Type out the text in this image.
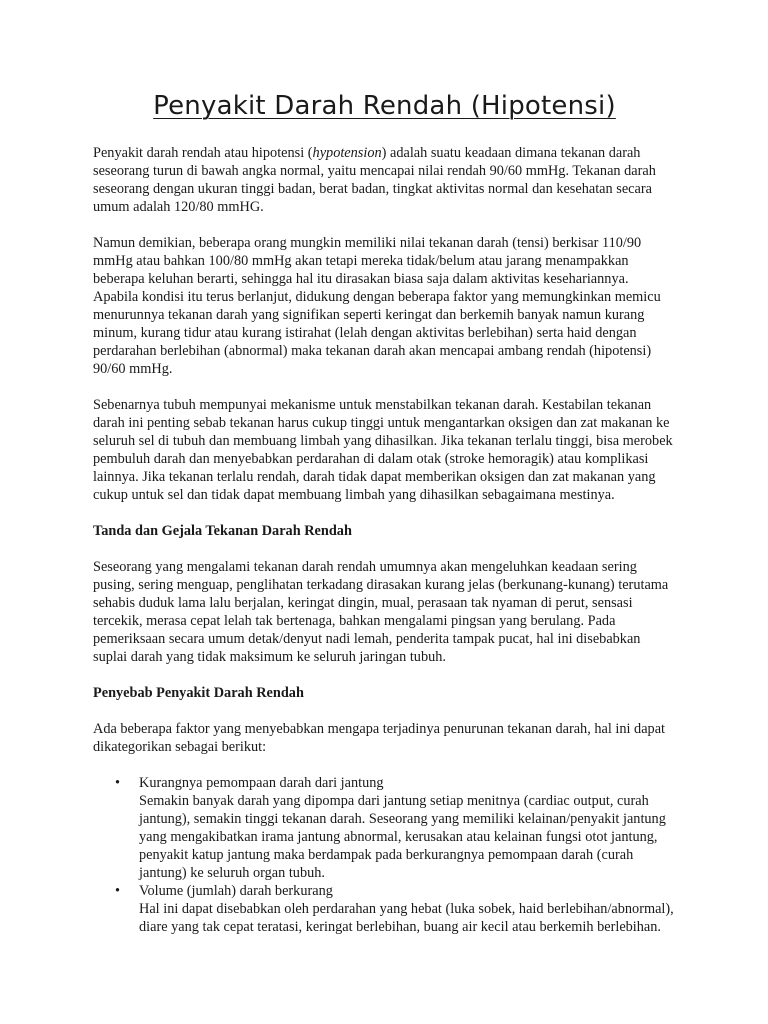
Penyakit Darah Rendah (Hipotensi)

Penyakit darah rendah atau hipotensi (hypotension) adalah suatu keadaan dimana tekanan darah seseorang turun di bawah angka normal, yaitu mencapai nilai rendah 90/60 mmHg. Tekanan darah seseorang dengan ukuran tinggi badan, berat badan, tingkat aktivitas normal dan kesehatan secara umum adalah 120/80 mmHG.

Namun demikian, beberapa orang mungkin memiliki nilai tekanan darah (tensi) berkisar 110/90 mmHg atau bahkan 100/80 mmHg akan tetapi mereka tidak/belum atau jarang menampakkan beberapa keluhan berarti, sehingga hal itu dirasakan biasa saja dalam aktivitas kesehariannya. Apabila kondisi itu terus berlanjut, didukung dengan beberapa faktor yang memungkinkan memicu menurunnya tekanan darah yang signifikan seperti keringat dan berkemih banyak namun kurang minum, kurang tidur atau kurang istirahat (lelah dengan aktivitas berlebihan) serta haid dengan perdarahan berlebihan (abnormal) maka tekanan darah akan mencapai ambang rendah (hipotensi) 90/60 mmHg.

Sebenarnya tubuh mempunyai mekanisme untuk menstabilkan tekanan darah. Kestabilan tekanan darah ini penting sebab tekanan harus cukup tinggi untuk mengantarkan oksigen dan zat makanan ke seluruh sel di tubuh dan membuang limbah yang dihasilkan. Jika tekanan terlalu tinggi, bisa merobek pembuluh darah dan menyebabkan perdarahan di dalam otak (stroke hemoragik) atau komplikasi lainnya. Jika tekanan terlalu rendah, darah tidak dapat memberikan oksigen dan zat makanan yang cukup untuk sel dan tidak dapat membuang limbah yang dihasilkan sebagaimana mestinya.

Tanda dan Gejala Tekanan Darah Rendah

Seseorang yang mengalami tekanan darah rendah umumnya akan mengeluhkan keadaan sering pusing, sering menguap, penglihatan terkadang dirasakan kurang jelas (berkunang-kunang) terutama sehabis duduk lama lalu berjalan, keringat dingin, mual, perasaan tak nyaman di perut, sensasi tercekik, merasa cepat lelah tak bertenaga, bahkan mengalami pingsan yang berulang. Pada pemeriksaan secara umum detak/denyut nadi lemah, penderita tampak pucat, hal ini disebabkan suplai darah yang tidak maksimum ke seluruh jaringan tubuh.

Penyebab Penyakit Darah Rendah

Ada beberapa faktor yang menyebabkan mengapa terjadinya penurunan tekanan darah, hal ini dapat dikategorikan sebagai berikut:

• Kurangnya pemompaan darah dari jantung
Semakin banyak darah yang dipompa dari jantung setiap menitnya (cardiac output, curah jantung), semakin tinggi tekanan darah. Seseorang yang memiliki kelainan/penyakit jantung yang mengakibatkan irama jantung abnormal, kerusakan atau kelainan fungsi otot jantung, penyakit katup jantung maka berdampak pada berkurangnya pemompaan darah (curah jantung) ke seluruh organ tubuh.
• Volume (jumlah) darah berkurang
Hal ini dapat disebabkan oleh perdarahan yang hebat (luka sobek, haid berlebihan/abnormal), diare yang tak cepat teratasi, keringat berlebihan, buang air kecil atau berkemih berlebihan.
